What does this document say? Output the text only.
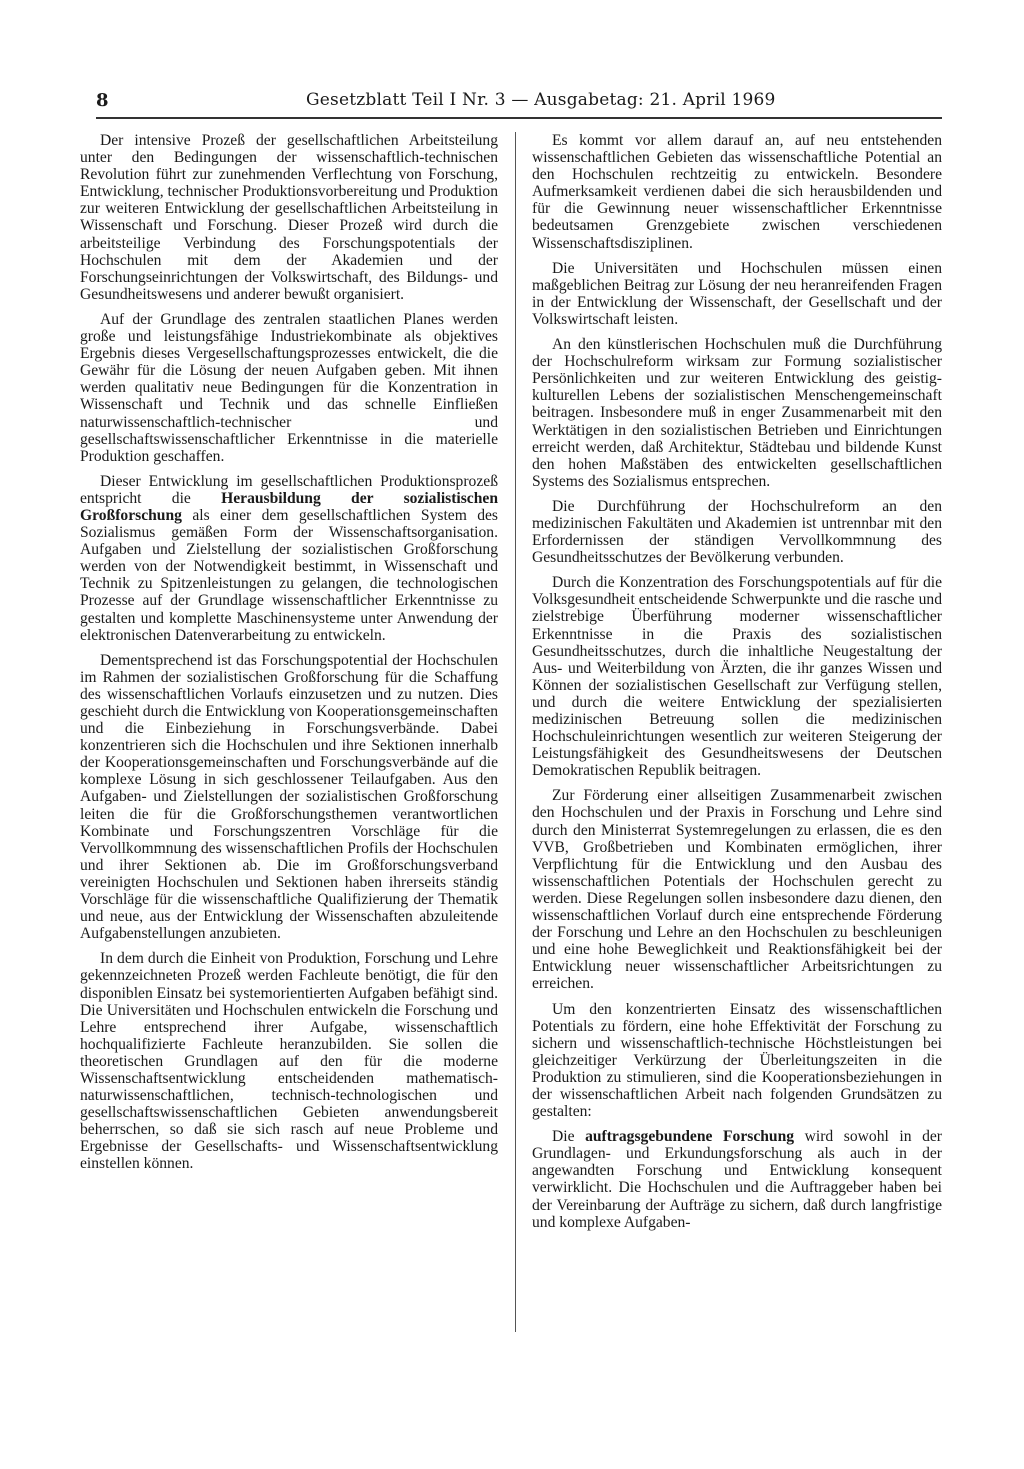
8	Gesetzblatt Teil I Nr. 3 — Ausgabetag: 21. April 1969

Der intensive Prozeß der gesellschaftlichen Arbeitsteilung unter den Bedingungen der wissenschaftlich-technischen Revolution führt zur zunehmenden Verflechtung von Forschung, Entwicklung, technischer Produktionsvorbereitung und Produktion zur weiteren Entwicklung der gesellschaftlichen Arbeitsteilung in Wissenschaft und Forschung. Dieser Prozeß wird durch die arbeitsteilige Verbindung des Forschungspotentials der Hochschulen mit dem der Akademien und der Forschungseinrichtungen der Volkswirtschaft, des Bildungs- und Gesundheitswesens und anderer bewußt organisiert.

Auf der Grundlage des zentralen staatlichen Planes werden große und leistungsfähige Industriekombinate als objektives Ergebnis dieses Vergesellschaftungsprozesses entwickelt, die die Gewähr für die Lösung der neuen Aufgaben geben. Mit ihnen werden qualitativ neue Bedingungen für die Konzentration in Wissenschaft und Technik und das schnelle Einfließen naturwissenschaftlich-technischer und gesellschaftswissenschaftlicher Erkenntnisse in die materielle Produktion geschaffen.

Dieser Entwicklung im gesellschaftlichen Produktionsprozeß entspricht die Herausbildung der sozialistischen Großforschung als einer dem gesellschaftlichen System des Sozialismus gemäßen Form der Wissenschaftsorganisation. Aufgaben und Zielstellung der sozialistischen Großforschung werden von der Notwendigkeit bestimmt, in Wissenschaft und Technik zu Spitzenleistungen zu gelangen, die technologischen Prozesse auf der Grundlage wissenschaftlicher Erkenntnisse zu gestalten und komplette Maschinensysteme unter Anwendung der elektronischen Datenverarbeitung zu entwickeln.

Dementsprechend ist das Forschungspotential der Hochschulen im Rahmen der sozialistischen Großforschung für die Schaffung des wissenschaftlichen Vorlaufs einzusetzen und zu nutzen. Dies geschieht durch die Entwicklung von Kooperationsgemeinschaften und die Einbeziehung in Forschungsverbände. Dabei konzentrieren sich die Hochschulen und ihre Sektionen innerhalb der Kooperationsgemeinschaften und Forschungsverbände auf die komplexe Lösung in sich geschlossener Teilaufgaben. Aus den Aufgaben- und Zielstellungen der sozialistischen Großforschung leiten die für die Großforschungsthemen verantwortlichen Kombinate und Forschungszentren Vorschläge für die Vervollkommnung des wissenschaftlichen Profils der Hochschulen und ihrer Sektionen ab. Die im Großforschungsverband vereinigten Hochschulen und Sektionen haben ihrerseits ständig Vorschläge für die wissenschaftliche Qualifizierung der Thematik und neue, aus der Entwicklung der Wissenschaften abzuleitende Aufgabenstellungen anzubieten.

In dem durch die Einheit von Produktion, Forschung und Lehre gekennzeichneten Prozeß werden Fachleute benötigt, die für den disponiblen Einsatz bei systemorientierten Aufgaben befähigt sind. Die Universitäten und Hochschulen entwickeln die Forschung und Lehre entsprechend ihrer Aufgabe, wissenschaftlich hochqualifizierte Fachleute heranzubilden. Sie sollen die theoretischen Grundlagen auf den für die moderne Wissenschaftsentwicklung entscheidenden mathematisch-naturwissenschaftlichen, technisch-technologischen und gesellschaftswissenschaftlichen Gebieten anwendungsbereit beherrschen, so daß sie sich rasch auf neue Probleme und Ergebnisse der Gesellschafts- und Wissenschaftsentwicklung einstellen können.

Es kommt vor allem darauf an, auf neu entstehenden wissenschaftlichen Gebieten das wissenschaftliche Potential an den Hochschulen rechtzeitig zu entwickeln. Besondere Aufmerksamkeit verdienen dabei die sich herausbildenden und für die Gewinnung neuer wissenschaftlicher Erkenntnisse bedeutsamen Grenzgebiete zwischen verschiedenen Wissenschaftsdisziplinen.

Die Universitäten und Hochschulen müssen einen maßgeblichen Beitrag zur Lösung der neu heranreifenden Fragen in der Entwicklung der Wissenschaft, der Gesellschaft und der Volkswirtschaft leisten.

An den künstlerischen Hochschulen muß die Durchführung der Hochschulreform wirksam zur Formung sozialistischer Persönlichkeiten und zur weiteren Entwicklung des geistig-kulturellen Lebens der sozialistischen Menschengemeinschaft beitragen. Insbesondere muß in enger Zusammenarbeit mit den Werktätigen in den sozialistischen Betrieben und Einrichtungen erreicht werden, daß Architektur, Städtebau und bildende Kunst den hohen Maßstäben des entwickelten gesellschaftlichen Systems des Sozialismus entsprechen.

Die Durchführung der Hochschulreform an den medizinischen Fakultäten und Akademien ist untrennbar mit den Erfordernissen der ständigen Vervollkommnung des Gesundheitsschutzes der Bevölkerung verbunden.

Durch die Konzentration des Forschungspotentials auf für die Volksgesundheit entscheidende Schwerpunkte und die rasche und zielstrebige Überführung moderner wissenschaftlicher Erkenntnisse in die Praxis des sozialistischen Gesundheitsschutzes, durch die inhaltliche Neugestaltung der Aus- und Weiterbildung von Ärzten, die ihr ganzes Wissen und Können der sozialistischen Gesellschaft zur Verfügung stellen, und durch die weitere Entwicklung der spezialisierten medizinischen Betreuung sollen die medizinischen Hochschuleinrichtungen wesentlich zur weiteren Steigerung der Leistungsfähigkeit des Gesundheitswesens der Deutschen Demokratischen Republik beitragen.

Zur Förderung einer allseitigen Zusammenarbeit zwischen den Hochschulen und der Praxis in Forschung und Lehre sind durch den Ministerrat Systemregelungen zu erlassen, die es den VVB, Großbetrieben und Kombinaten ermöglichen, ihrer Verpflichtung für die Entwicklung und den Ausbau des wissenschaftlichen Potentials der Hochschulen gerecht zu werden. Diese Regelungen sollen insbesondere dazu dienen, den wissenschaftlichen Vorlauf durch eine entsprechende Förderung der Forschung und Lehre an den Hochschulen zu beschleunigen und eine hohe Beweglichkeit und Reaktionsfähigkeit bei der Entwicklung neuer wissenschaftlicher Arbeitsrichtungen zu erreichen.

Um den konzentrierten Einsatz des wissenschaftlichen Potentials zu fördern, eine hohe Effektivität der Forschung zu sichern und wissenschaftlich-technische Höchstleistungen bei gleichzeitiger Verkürzung der Überleitungszeiten in die Produktion zu stimulieren, sind die Kooperationsbeziehungen in der wissenschaftlichen Arbeit nach folgenden Grundsätzen zu gestalten:

Die auftragsgebundene Forschung wird sowohl in der Grundlagen- und Erkundungsforschung als auch in der angewandten Forschung und Entwicklung konsequent verwirklicht. Die Hochschulen und die Auftraggeber haben bei der Vereinbarung der Aufträge zu sichern, daß durch langfristige und komplexe Aufgaben-
